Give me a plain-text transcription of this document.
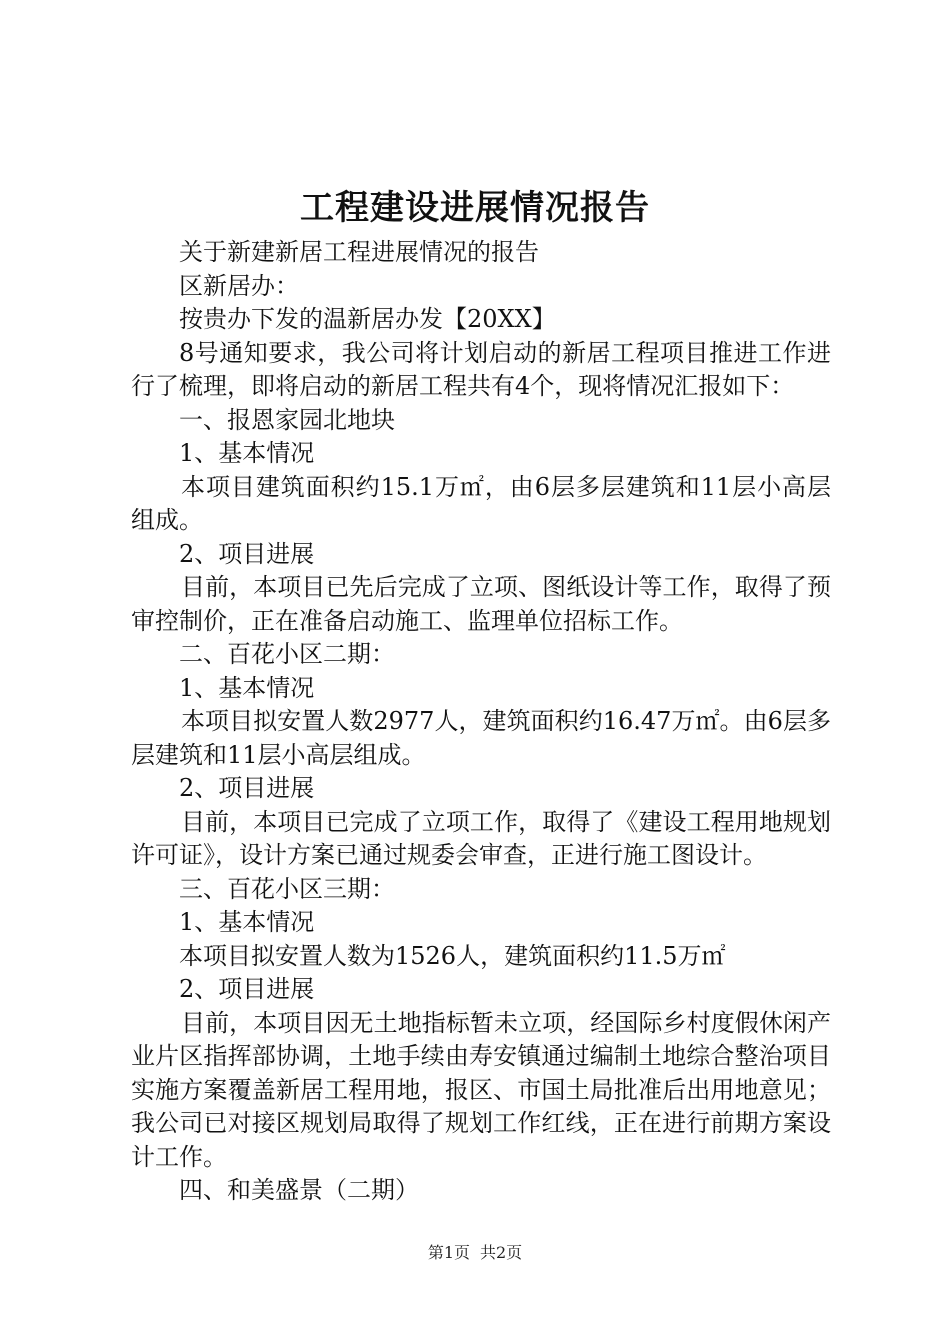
工程建设进展情况报告

关于新建新居工程进展情况的报告

区新居办：

按贵办下发的温新居办发【20XX】

8号通知要求，我公司将计划启动的新居工程项目推进工作进行了梳理，即将启动的新居工程共有4个，现将情况汇报如下：

一、报恩家园北地块

1、基本情况

本项目建筑面积约15.1万㎡，由6层多层建筑和11层小高层组成。

2、项目进展

目前，本项目已先后完成了立项、图纸设计等工作，取得了预审控制价，正在准备启动施工、监理单位招标工作。

二、百花小区二期：

1、基本情况

本项目拟安置人数2977人，建筑面积约16.47万㎡。由6层多层建筑和11层小高层组成。

2、项目进展

目前，本项目已完成了立项工作，取得了《建设工程用地规划许可证》，设计方案已通过规委会审查，正进行施工图设计。

三、百花小区三期：

1、基本情况

本项目拟安置人数为1526人，建筑面积约11.5万㎡

2、项目进展

目前，本项目因无土地指标暂未立项，经国际乡村度假休闲产业片区指挥部协调，土地手续由寿安镇通过编制土地综合整治项目实施方案覆盖新居工程用地，报区、市国土局批准后出用地意见；我公司已对接区规划局取得了规划工作红线，正在进行前期方案设计工作。

四、和美盛景（二期）

第1页 共2页
